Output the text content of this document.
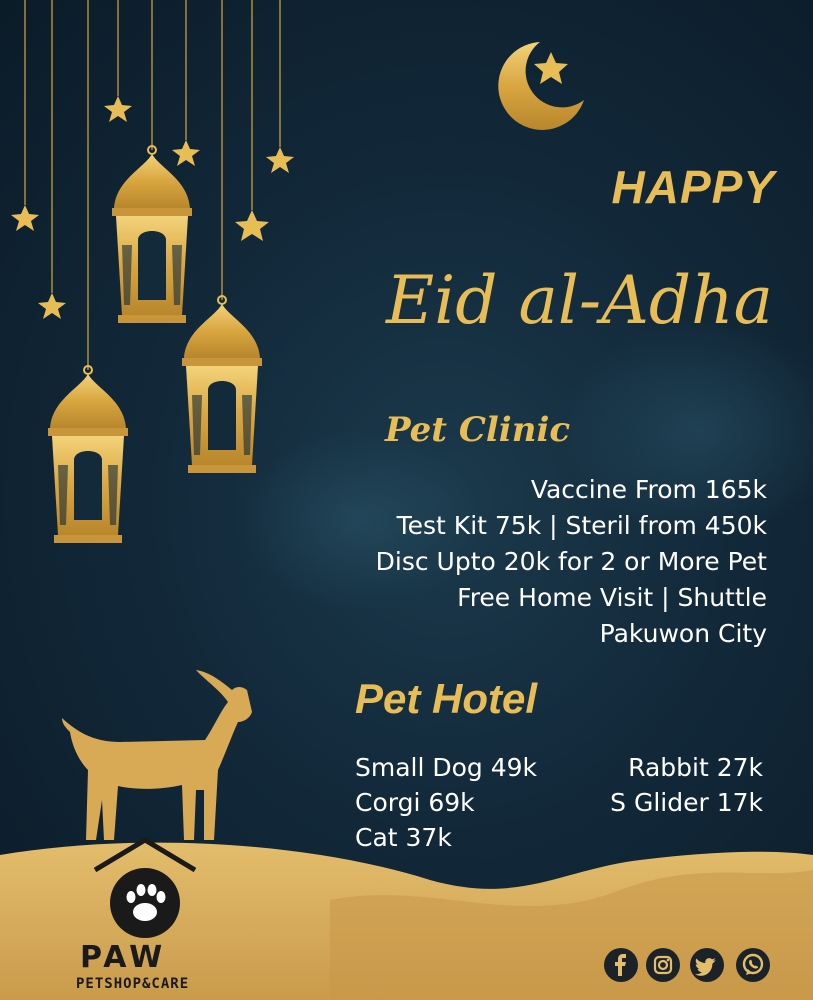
HAPPY
Eid al-Adha
Pet Clinic
Vaccine From 165k
Test Kit 75k | Steril from 450k
Disc Upto 20k for 2 or More Pet
Free Home Visit | Shuttle
Pakuwon City
Pet Hotel
Small Dog 49k
Corgi 69k
Cat 37k
Rabbit 27k
S Glider 17k
PAW
PETSHOP&CARE
